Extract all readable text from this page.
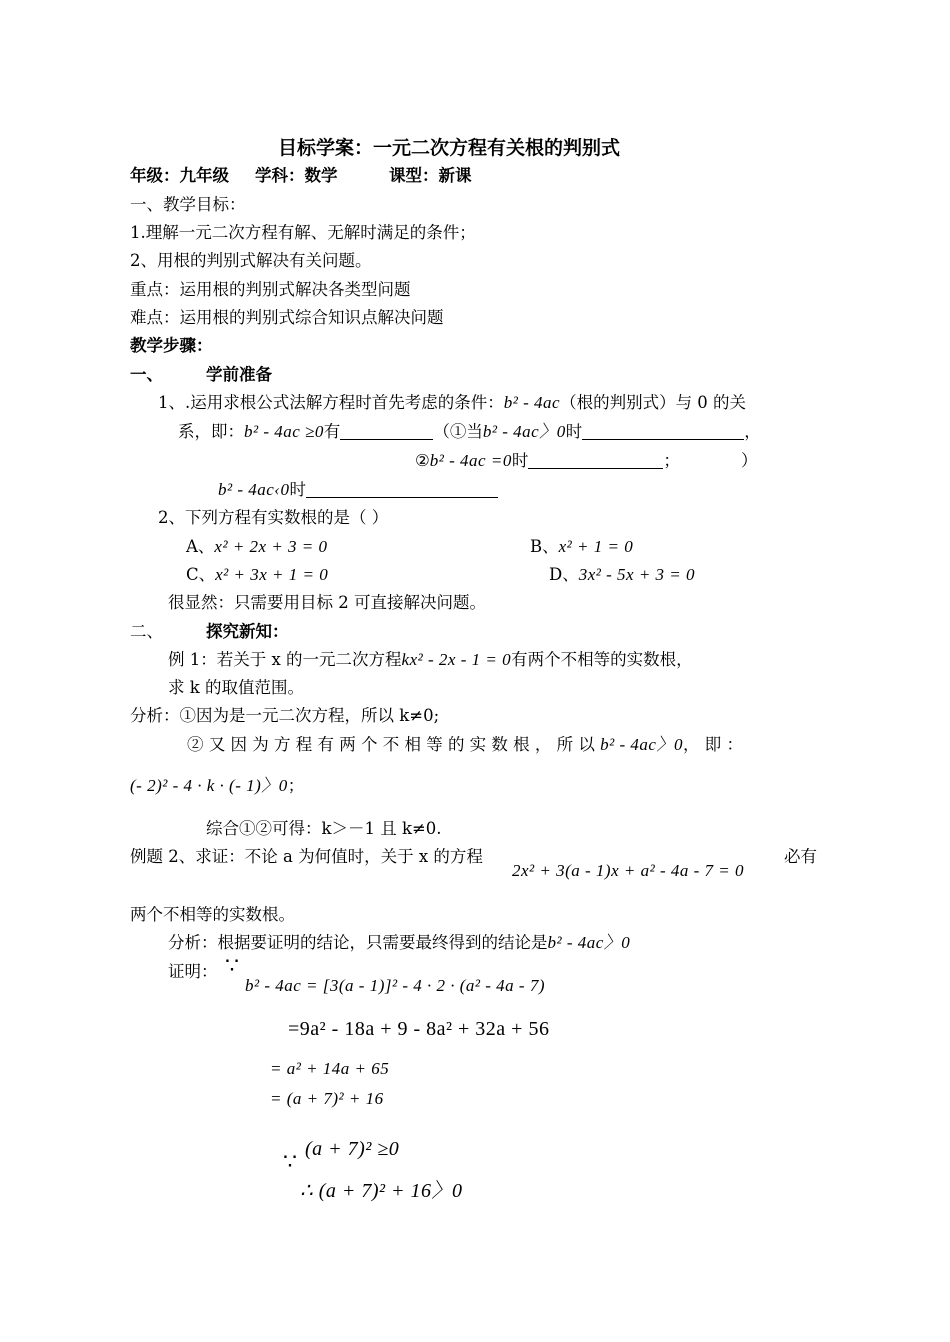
目标学案：一元二次方程有关根的判别式
年级：九年级 学科：数学	课型：新课
一、教学目标：
1.理解一元二次方程有解、无解时满足的条件；
2、用根的判别式解决有关问题。
重点：运用根的判别式解决各类型问题
难点：运用根的判别式综合知识点解决问题
教学步骤：
一、	学前准备
1、.运用求根公式法解方程时首先考虑的条件：b² - 4ac（根的判别式）与 0 的关
系，即：b² - 4ac ≥0有	（①当b² - 4ac〉0时	，
②b² - 4ac =0时	；	）
b² - 4ac‹0时
2、下列方程有实数根的是（ ）
A、x² + 2x + 3 = 0	B、x² + 1 = 0
C、x² + 3x + 1 = 0	D、3x² - 5x + 3 = 0
很显然：只需要用目标 2 可直接解决问题。
二、	探究新知：
例 1：若关于 x 的一元二次方程kx² - 2x - 1 = 0有两个不相等的实数根，
求 k 的取值范围。
分析：①因为是一元二次方程，所以 k≠0;
② 又 因 为 方 程 有 两 个 不 相 等 的 实 数 根 ， 所 以 b² - 4ac〉0， 即 ：
(- 2)² - 4 · k · (- 1)〉0；
综合①②可得：k＞－1 且 k≠0.
例题 2、求证：不论 a 为何值时，关于 x 的方程
2x² + 3(a - 1)x + a² - 4a - 7 = 0
必有
两个不相等的实数根。
分析：根据要证明的结论，只需要最终得到的结论是b² - 4ac〉0
证明： ∵
b² - 4ac = [3(a - 1)]² - 4 · 2 · (a² - 4a - 7)
=9a² - 18a + 9 - 8a² + 32a + 56
= a² + 14a + 65
= (a + 7)² + 16
∵
(a + 7)² ≥0
∴ (a + 7)² + 16〉0
